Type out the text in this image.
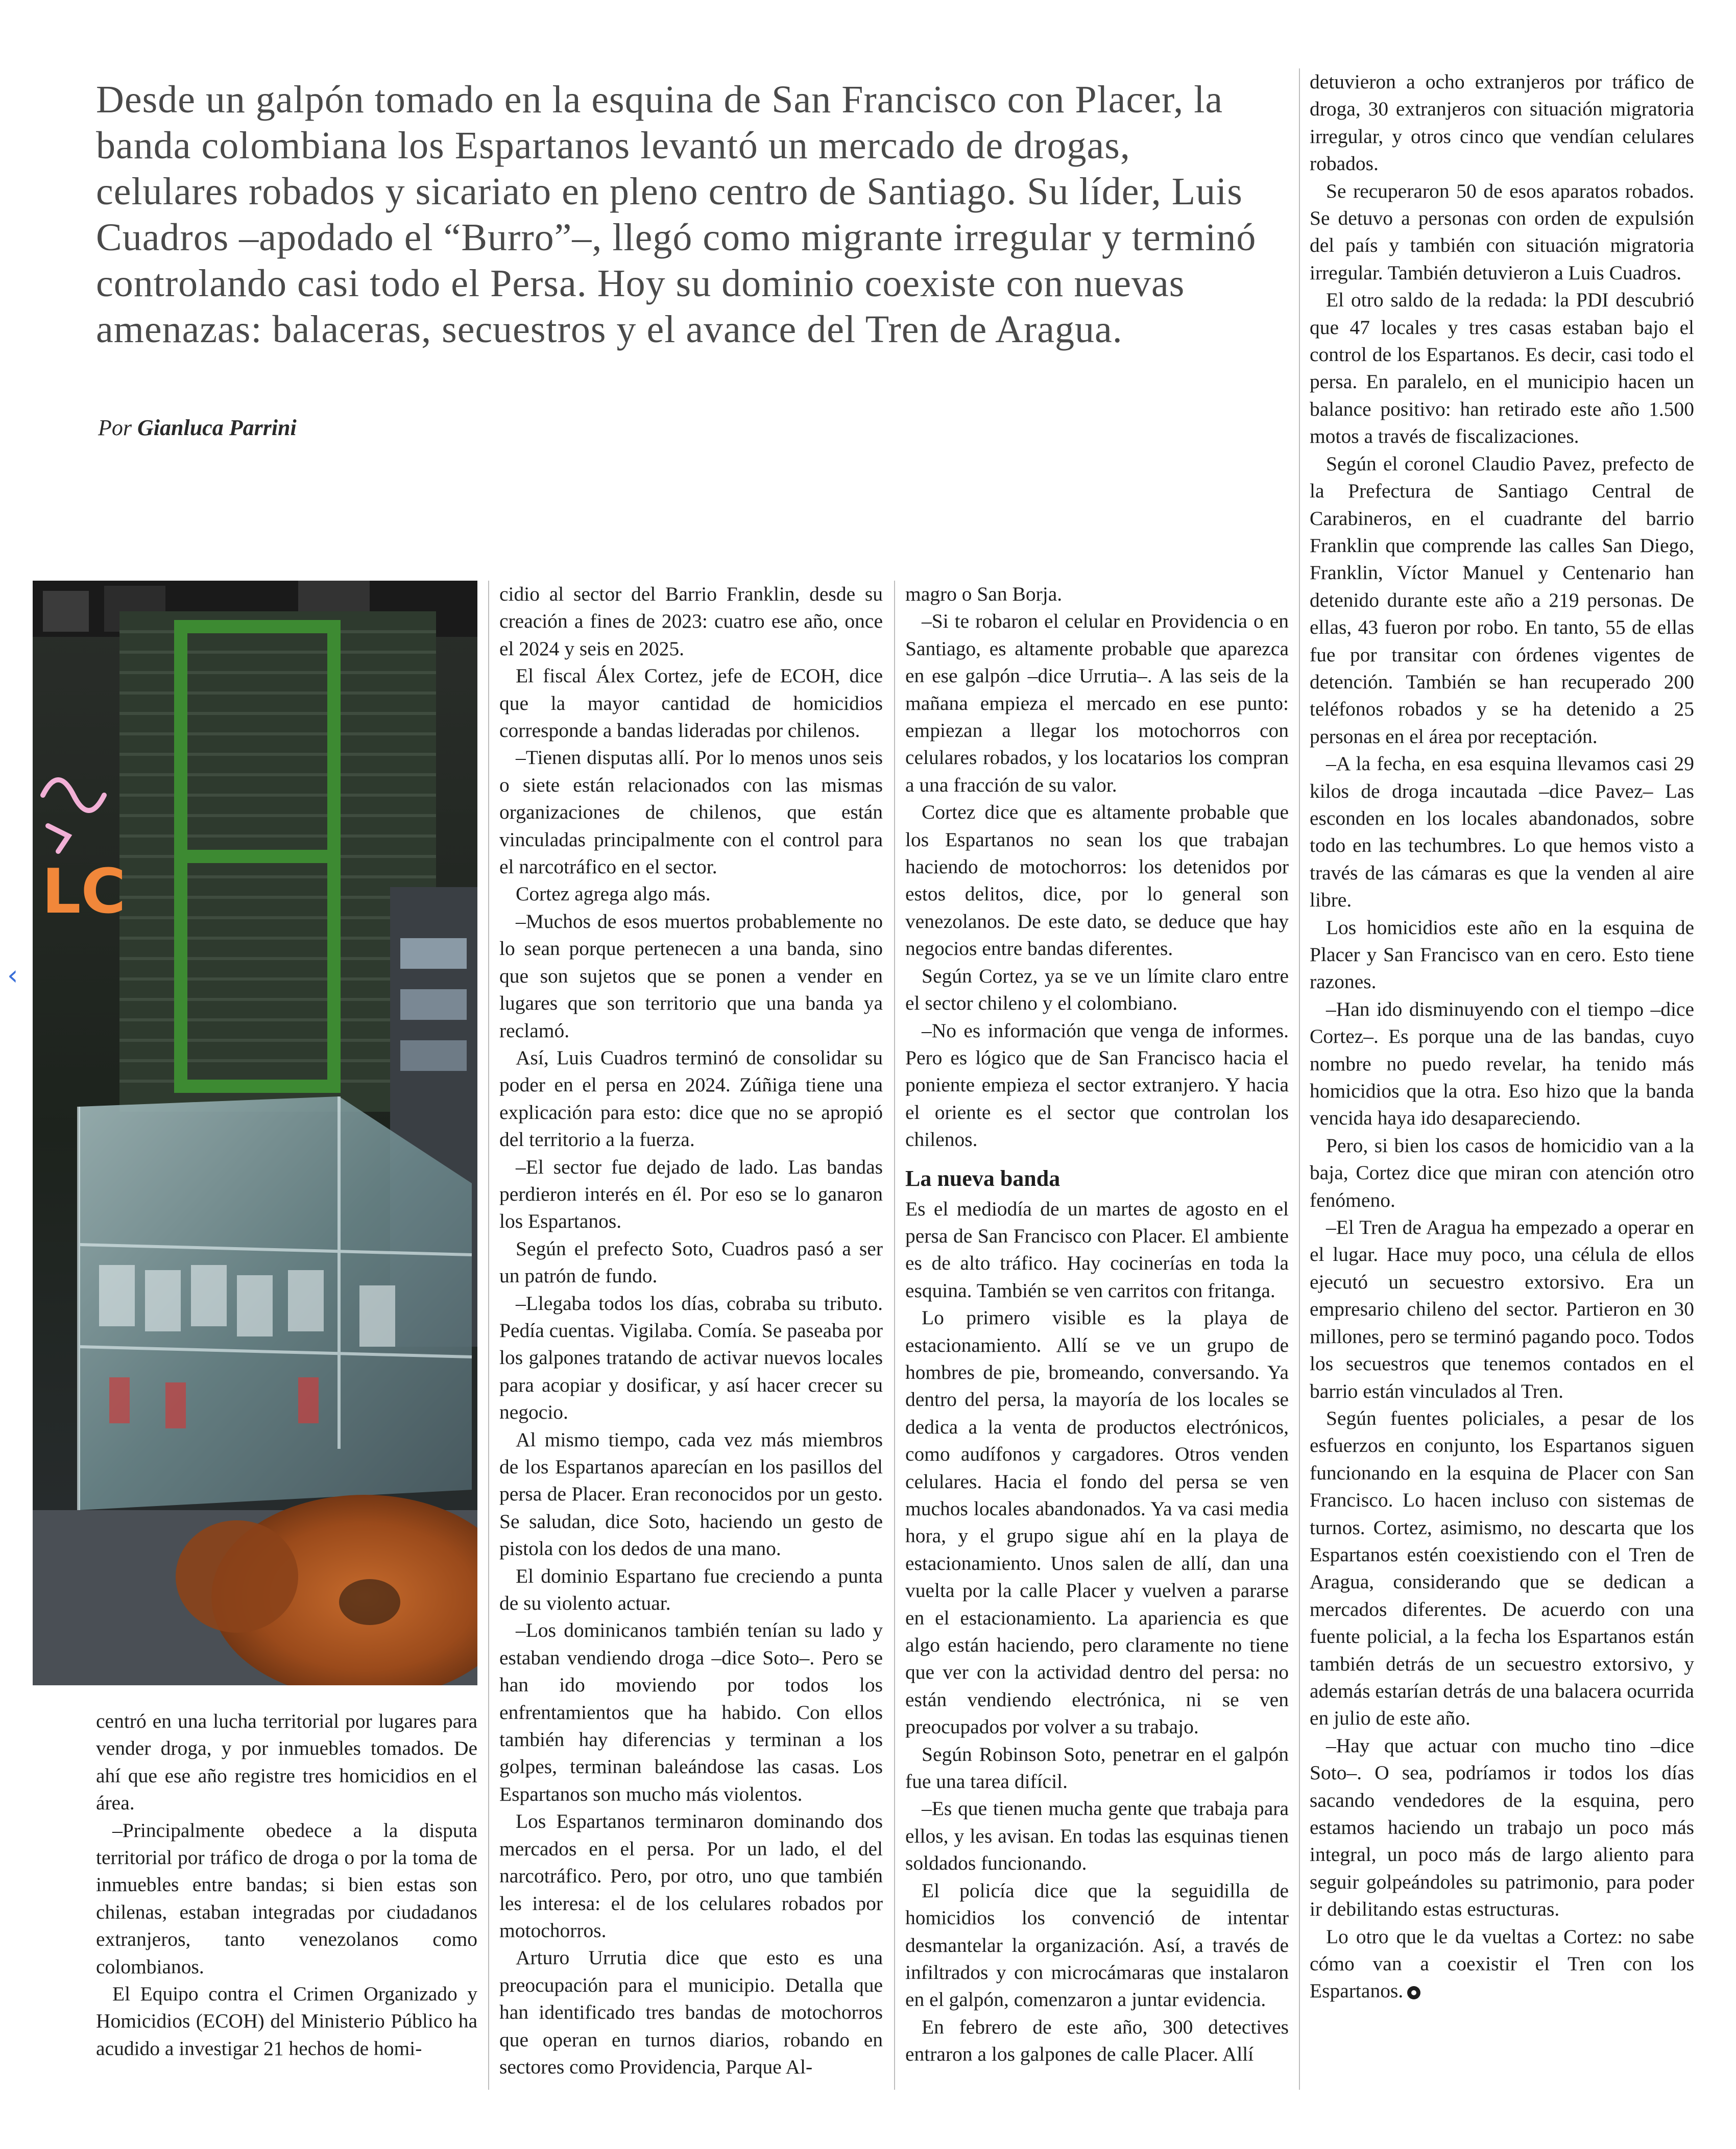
Desde un galpón tomado en la esquina de San Francisco con Placer, la banda colombiana los Espartanos levantó un mercado de drogas, celulares robados y sicariato en pleno centro de Santiago. Su líder, Luis Cuadros –apodado el “Burro”–, llegó como migrante irregular y terminó controlando casi todo el Persa. Hoy su dominio coexiste con nuevas amenazas: balaceras, secuestros y el avance del Tren de Aragua.

Por Gianluca Parrini
‹
LC

centró en una lucha territorial por lugares para vender droga, y por inmuebles tomados. De ahí que ese año registre tres homicidios en el área.

–Principalmente obedece a la disputa territorial por tráfico de droga o por la toma de inmuebles entre bandas; si bien estas son chilenas, estaban integradas por ciudadanos extranjeros, tanto venezolanos como colombianos.

El Equipo contra el Crimen Organizado y Homicidios (ECOH) del Ministerio Público ha acudido a investigar 21 hechos de homi-

cidio al sector del Barrio Franklin, desde su creación a fines de 2023: cuatro ese año, once el 2024 y seis en 2025.

El fiscal Álex Cortez, jefe de ECOH, dice que la mayor cantidad de homicidios corresponde a bandas lideradas por chilenos.

–Tienen disputas allí. Por lo menos unos seis o siete están relacionados con las mismas organizaciones de chilenos, que están vinculadas principalmente con el control para el narcotráfico en el sector.

Cortez agrega algo más.

–Muchos de esos muertos probablemente no lo sean porque pertenecen a una banda, sino que son sujetos que se ponen a vender en lugares que son territorio que una banda ya reclamó.

Así, Luis Cuadros terminó de consolidar su poder en el persa en 2024. Zúñiga tiene una explicación para esto: dice que no se apropió del territorio a la fuerza.

–El sector fue dejado de lado. Las bandas perdieron interés en él. Por eso se lo ganaron los Espartanos.

Según el prefecto Soto, Cuadros pasó a ser un patrón de fundo.

–Llegaba todos los días, cobraba su tributo. Pedía cuentas. Vigilaba. Comía. Se paseaba por los galpones tratando de activar nuevos locales para acopiar y dosificar, y así hacer crecer su negocio.

Al mismo tiempo, cada vez más miembros de los Espartanos aparecían en los pasillos del persa de Placer. Eran reconocidos por un gesto. Se saludan, dice Soto, haciendo un gesto de pistola con los dedos de una mano.

El dominio Espartano fue creciendo a punta de su violento actuar.

–Los dominicanos también tenían su lado y estaban vendiendo droga –dice Soto–. Pero se han ido moviendo por todos los enfrentamientos que ha habido. Con ellos también hay diferencias y terminan a los golpes, terminan baleándose las casas. Los Espartanos son mucho más violentos.

Los Espartanos terminaron dominando dos mercados en el persa. Por un lado, el del narcotráfico. Pero, por otro, uno que también les interesa: el de los celulares robados por motochorros.

Arturo Urrutia dice que esto es una preocupación para el municipio. Detalla que han identificado tres bandas de motochorros que operan en turnos diarios, robando en sectores como Providencia, Parque Al-

magro o San Borja.

–Si te robaron el celular en Providencia o en Santiago, es altamente probable que aparezca en ese galpón –dice Urrutia–. A las seis de la mañana empieza el mercado en ese punto: empiezan a llegar los motochorros con celulares robados, y los locatarios los compran a una fracción de su valor.

Cortez dice que es altamente probable que los Espartanos no sean los que trabajan haciendo de motochorros: los detenidos por estos delitos, dice, por lo general son venezolanos. De este dato, se deduce que hay negocios entre bandas diferentes.

Según Cortez, ya se ve un límite claro entre el sector chileno y el colombiano.

–No es información que venga de informes. Pero es lógico que de San Francisco hacia el poniente empieza el sector extranjero. Y hacia el oriente es el sector que controlan los chilenos.

La nueva banda

Es el mediodía de un martes de agosto en el persa de San Francisco con Placer. El ambiente es de alto tráfico. Hay cocinerías en toda la esquina. También se ven carritos con fritanga.

Lo primero visible es la playa de estacionamiento. Allí se ve un grupo de hombres de pie, bromeando, conversando. Ya dentro del persa, la mayoría de los locales se dedica a la venta de productos electrónicos, como audífonos y cargadores. Otros venden celulares. Hacia el fondo del persa se ven muchos locales abandonados. Ya va casi media hora, y el grupo sigue ahí en la playa de estacionamiento. Unos salen de allí, dan una vuelta por la calle Placer y vuelven a pararse en el estacionamiento. La apariencia es que algo están haciendo, pero claramente no tiene que ver con la actividad dentro del persa: no están vendiendo electrónica, ni se ven preocupados por volver a su trabajo.

Según Robinson Soto, penetrar en el galpón fue una tarea difícil.

–Es que tienen mucha gente que trabaja para ellos, y les avisan. En todas las esquinas tienen soldados funcionando.

El policía dice que la seguidilla de homicidios los convenció de intentar desmantelar la organización. Así, a través de infiltrados y con microcámaras que instalaron en el galpón, comenzaron a juntar evidencia.

En febrero de este año, 300 detectives entraron a los galpones de calle Placer. Allí

detuvieron a ocho extranjeros por tráfico de droga, 30 extranjeros con situación migratoria irregular, y otros cinco que vendían celulares robados.

Se recuperaron 50 de esos aparatos robados. Se detuvo a personas con orden de expulsión del país y también con situación migratoria irregular. También detuvieron a Luis Cuadros.

El otro saldo de la redada: la PDI descubrió que 47 locales y tres casas estaban bajo el control de los Espartanos. Es decir, casi todo el persa. En paralelo, en el municipio hacen un balance positivo: han retirado este año 1.500 motos a través de fiscalizaciones.

Según el coronel Claudio Pavez, prefecto de la Prefectura de Santiago Central de Carabineros, en el cuadrante del barrio Franklin que comprende las calles San Diego, Franklin, Víctor Manuel y Centenario han detenido durante este año a 219 personas. De ellas, 43 fueron por robo. En tanto, 55 de ellas fue por transitar con órdenes vigentes de detención. También se han recuperado 200 teléfonos robados y se ha detenido a 25 personas en el área por receptación.

–A la fecha, en esa esquina llevamos casi 29 kilos de droga incautada –dice Pavez– Las esconden en los locales abandonados, sobre todo en las techumbres. Lo que hemos visto a través de las cámaras es que la venden al aire libre.

Los homicidios este año en la esquina de Placer y San Francisco van en cero. Esto tiene razones.

–Han ido disminuyendo con el tiempo –dice Cortez–. Es porque una de las bandas, cuyo nombre no puedo revelar, ha tenido más homicidios que la otra. Eso hizo que la banda vencida haya ido desapareciendo.

Pero, si bien los casos de homicidio van a la baja, Cortez dice que miran con atención otro fenómeno.

–El Tren de Aragua ha empezado a operar en el lugar. Hace muy poco, una célula de ellos ejecutó un secuestro extorsivo. Era un empresario chileno del sector. Partieron en 30 millones, pero se terminó pagando poco. Todos los secuestros que tenemos contados en el barrio están vinculados al Tren.

Según fuentes policiales, a pesar de los esfuerzos en conjunto, los Espartanos siguen funcionando en la esquina de Placer con San Francisco. Lo hacen incluso con sistemas de turnos. Cortez, asimismo, no descarta que los Espartanos estén coexistiendo con el Tren de Aragua, considerando que se dedican a mercados diferentes. De acuerdo con una fuente policial, a la fecha los Espartanos están también detrás de un secuestro extorsivo, y además estarían detrás de una balacera ocurrida en julio de este año.

–Hay que actuar con mucho tino –dice Soto–. O sea, podríamos ir todos los días sacando vendedores de la esquina, pero estamos haciendo un trabajo un poco más integral, un poco más de largo aliento para seguir golpeándoles su patrimonio, para poder ir debilitando estas estructuras.

Lo otro que le da vueltas a Cortez: no sabe cómo van a coexistir el Tren con los Espartanos.
